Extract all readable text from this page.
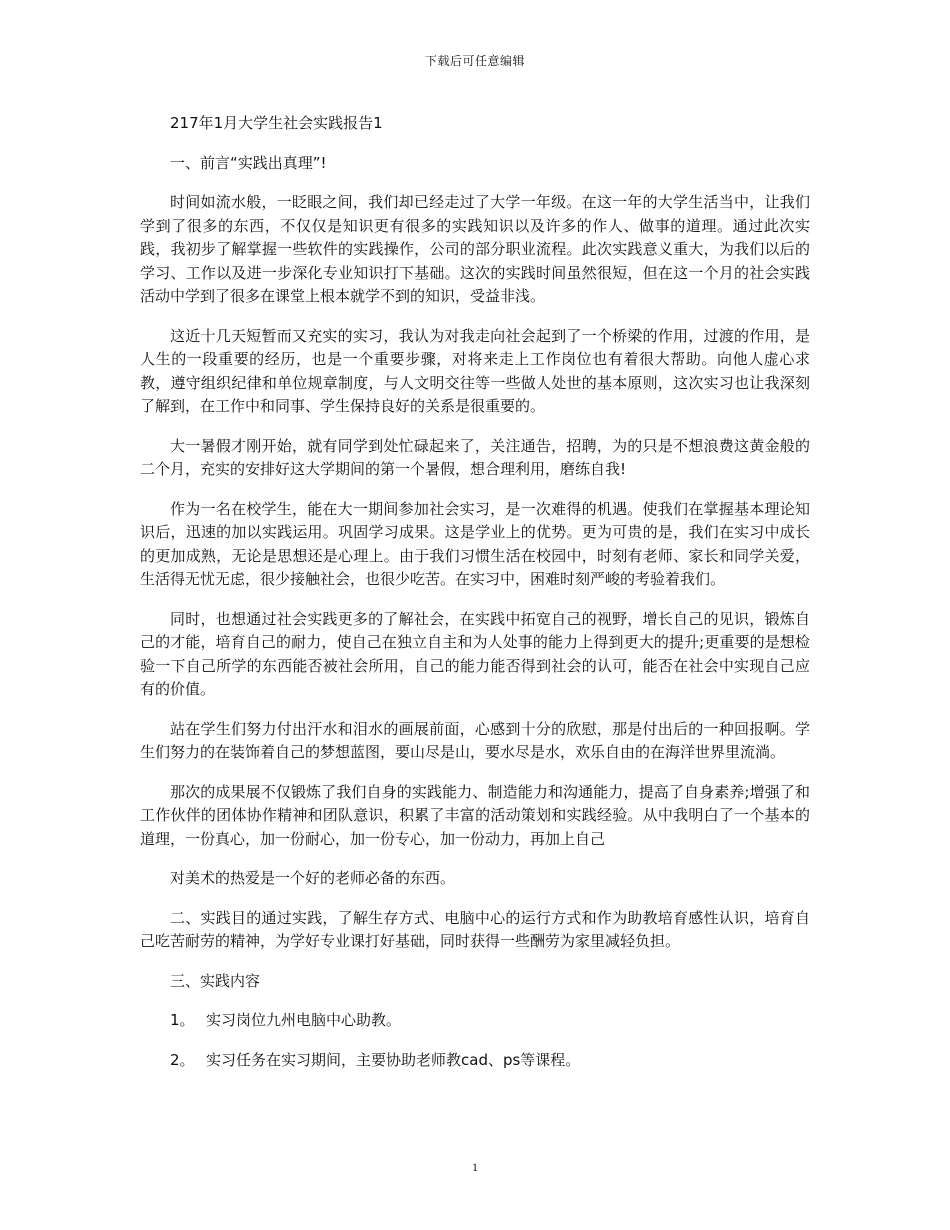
下载后可任意编辑

217年1月大学生社会实践报告1

一、前言“实践出真理”!

时间如流水般，一眨眼之间，我们却已经走过了大学一年级。在这一年的大学生活当中，让我们学到了很多的东西，不仅仅是知识更有很多的实践知识以及许多的作人、做事的道理。通过此次实践，我初步了解掌握一些软件的实践操作，公司的部分职业流程。此次实践意义重大，为我们以后的学习、工作以及进一步深化专业知识打下基础。这次的实践时间虽然很短，但在这一个月的社会实践活动中学到了很多在课堂上根本就学不到的知识，受益非浅。

这近十几天短暂而又充实的实习，我认为对我走向社会起到了一个桥梁的作用，过渡的作用，是人生的一段重要的经历，也是一个重要步骤，对将来走上工作岗位也有着很大帮助。向他人虚心求教，遵守组织纪律和单位规章制度，与人文明交往等一些做人处世的基本原则，这次实习也让我深刻了解到，在工作中和同事、学生保持良好的关系是很重要的。

大一暑假才刚开始，就有同学到处忙碌起来了，关注通告，招聘，为的只是不想浪费这黄金般的二个月，充实的安排好这大学期间的第一个暑假，想合理利用，磨练自我!

作为一名在校学生，能在大一期间参加社会实习，是一次难得的机遇。使我们在掌握基本理论知识后，迅速的加以实践运用。巩固学习成果。这是学业上的优势。更为可贵的是，我们在实习中成长的更加成熟，无论是思想还是心理上。由于我们习惯生活在校园中，时刻有老师、家长和同学关爱，生活得无忧无虑，很少接触社会，也很少吃苦。在实习中，困难时刻严峻的考验着我们。

同时，也想通过社会实践更多的了解社会，在实践中拓宽自己的视野，增长自己的见识，锻炼自己的才能，培育自己的耐力，使自己在独立自主和为人处事的能力上得到更大的提升;更重要的是想检验一下自己所学的东西能否被社会所用，自己的能力能否得到社会的认可，能否在社会中实现自己应有的价值。

站在学生们努力付出汗水和泪水的画展前面，心感到十分的欣慰，那是付出后的一种回报啊。学生们努力的在装饰着自己的梦想蓝图，要山尽是山，要水尽是水，欢乐自由的在海洋世界里流淌。

那次的成果展不仅锻炼了我们自身的实践能力、制造能力和沟通能力，提高了自身素养;增强了和工作伙伴的团体协作精神和团队意识，积累了丰富的活动策划和实践经验。从中我明白了一个基本的道理，一份真心，加一份耐心，加一份专心，加一份动力，再加上自己

对美术的热爱是一个好的老师必备的东西。

二、实践目的通过实践，了解生存方式、电脑中心的运行方式和作为助教培育感性认识，培育自己吃苦耐劳的精神，为学好专业课打好基础，同时获得一些酬劳为家里减轻负担。

三、实践内容

1。 实习岗位九州电脑中心助教。
2。 实习任务在实习期间，主要协助老师教cad、ps等课程。
1
